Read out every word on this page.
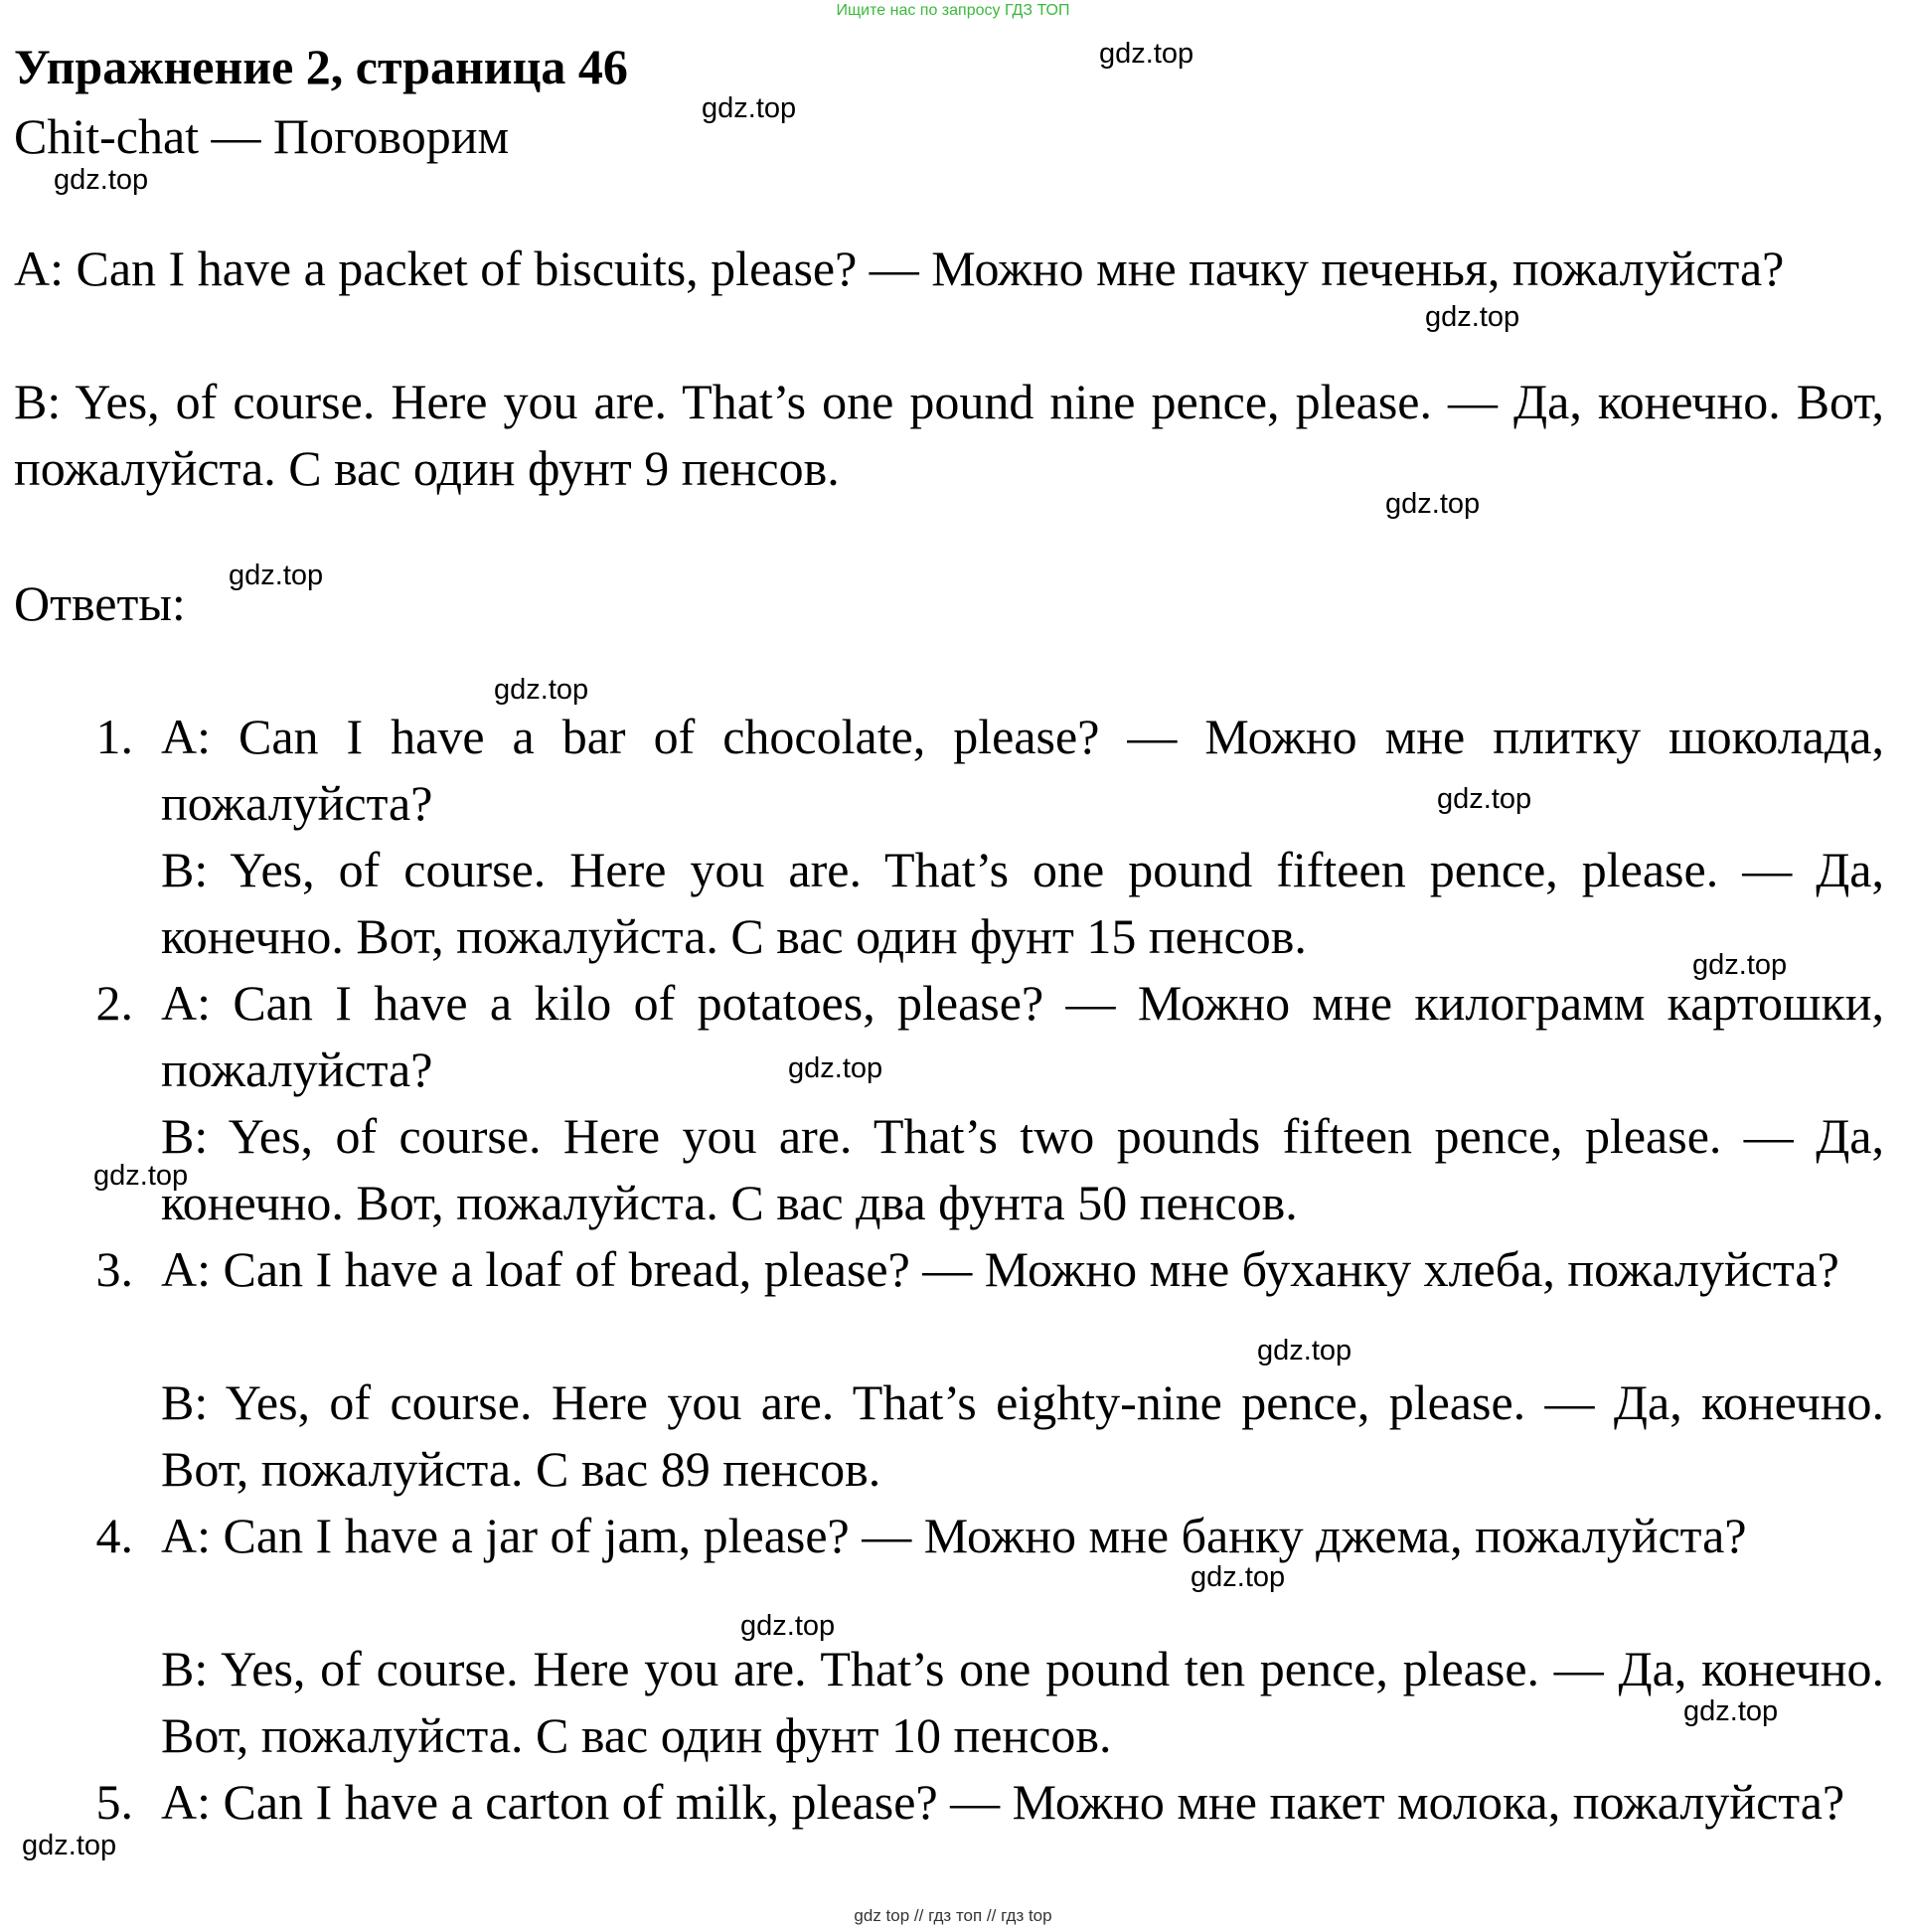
Ищите нас по запросу ГДЗ ТОП
Упражнение 2, страница 46
Chit-chat — Поговорим
A: Can I have a packet of biscuits, please? — Можно мне пачку печенья, пожалуйста?
B: Yes, of course. Here you are. That’s one pound nine pence, please. — Да, конечно. Вот, пожалуйста. С вас один фунт 9 пенсов.
Ответы:
1. A: Can I have a bar of chocolate, please? — Можно мне плитку шоколада, пожалуйста?
B: Yes, of course. Here you are. That’s one pound fifteen pence, please. — Да, конечно. Вот, пожалуйста. С вас один фунт 15 пенсов.
2. A: Can I have a kilo of potatoes, please? — Можно мне килограмм картошки, пожалуйста?
B: Yes, of course. Here you are. That’s two pounds fifteen pence, please. — Да, конечно. Вот, пожалуйста. С вас два фунта 50 пенсов.
3. A: Can I have a loaf of bread, please? — Можно мне буханку хлеба, пожалуйста?
B: Yes, of course. Here you are. That’s eighty-nine pence, please. — Да, конечно. Вот, пожалуйста. С вас 89 пенсов.
4. A: Can I have a jar of jam, please? — Можно мне банку джема, пожалуйста?
B: Yes, of course. Here you are. That’s one pound ten pence, please. — Да, конечно. Вот, пожалуйста. С вас один фунт 10 пенсов.
5. A: Can I have a carton of milk, please? — Можно мне пакет молока, пожалуйста?
gdz.top
gdz.top
gdz.top
gdz.top
gdz.top
gdz.top
gdz.top
gdz.top
gdz.top
gdz.top
gdz.top
gdz.top
gdz.top
gdz.top
gdz.top
gdz.top
gdz top // гдз топ // гдз top
